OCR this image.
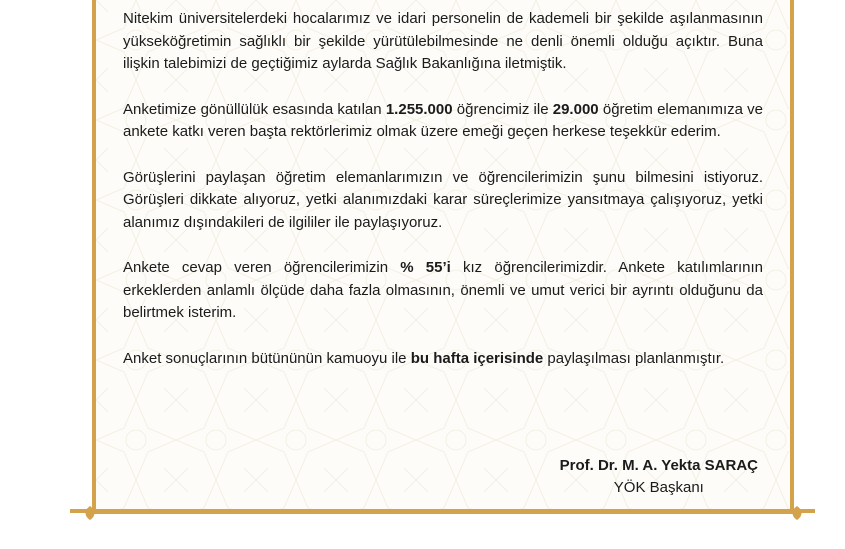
Nitekim üniversitelerdeki hocalarımız ve idari personelin de kademeli bir şekilde aşılanmasının yükseköğretimin sağlıklı bir şekilde yürütülebilmesinde ne denli önemli olduğu açıktır. Buna ilişkin talebimizi de geçtiğimiz aylarda Sağlık Bakanlığına iletmiştik.

Anketimize gönüllülük esasında katılan 1.255.000 öğrencimiz ile 29.000 öğretim elemanımıza ve ankete katkı veren başta rektörlerimiz olmak üzere emeği geçen herkese teşekkür ederim.

Görüşlerini paylaşan öğretim elemanlarımızın ve öğrencilerimizin şunu bilmesini istiyoruz. Görüşleri dikkate alıyoruz, yetki alanımızdaki karar süreçlerimize yansıtmaya çalışıyoruz, yetki alanımız dışındakileri de ilgililer ile paylaşıyoruz.

Ankete cevap veren öğrencilerimizin % 55’i kız öğrencilerimizdir. Ankete katılımlarının erkeklerden anlamlı ölçüde daha fazla olmasının, önemli ve umut verici bir ayrıntı olduğunu da belirtmek isterim.

Anket sonuçlarının bütününün kamuoyu ile bu hafta içerisinde paylaşılması planlanmıştır.

Prof. Dr. M. A. Yekta SARAÇ
YÖK Başkanı
